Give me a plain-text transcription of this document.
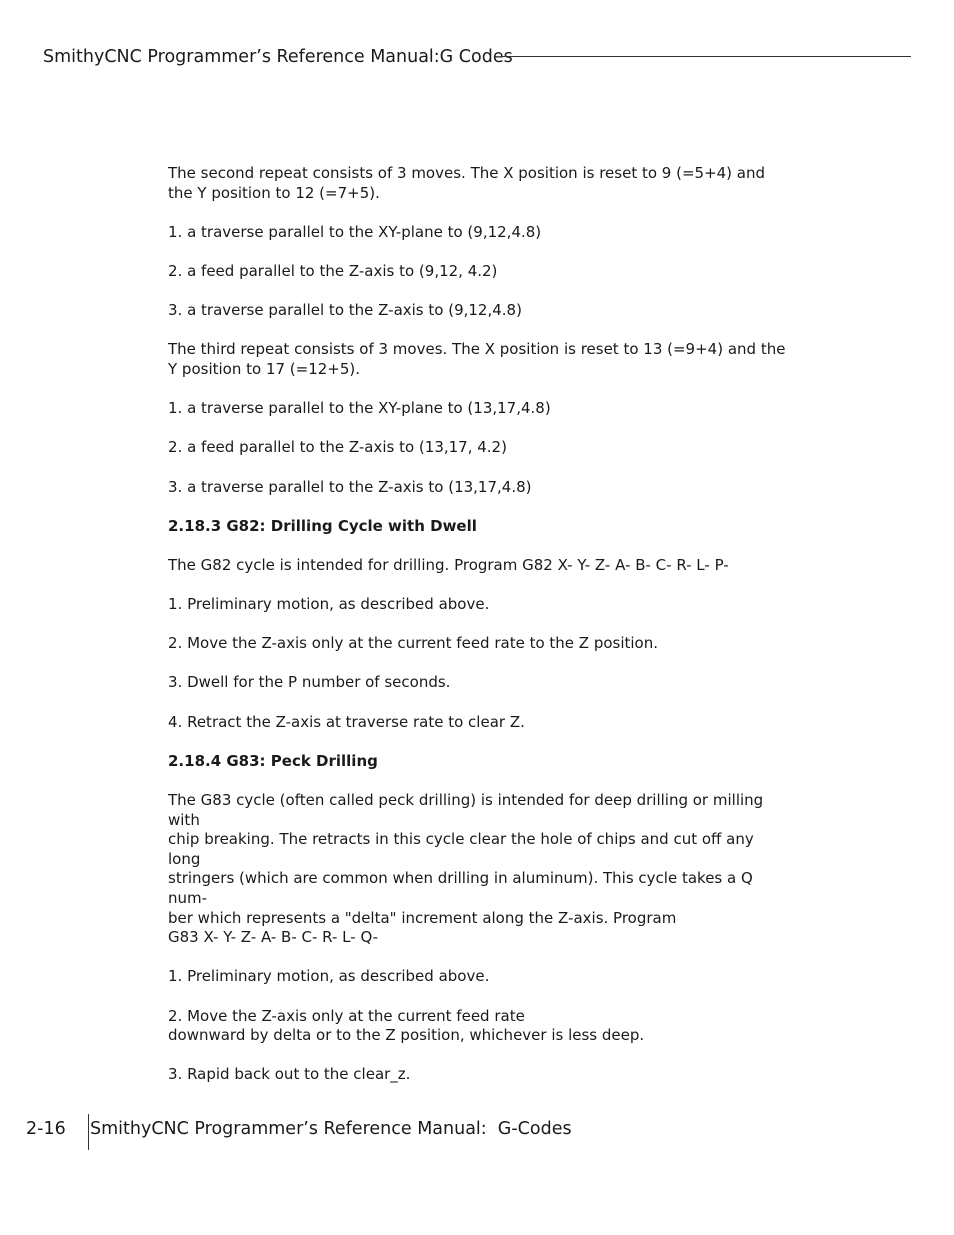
SmithyCNC Programmer’s Reference Manual:G Codes

The second repeat consists of 3 moves. The X position is reset to 9 (=5+4) and the Y position to 12 (=7+5).

1. a traverse parallel to the XY-plane to (9,12,4.8)

2. a feed parallel to the Z-axis to (9,12, 4.2)

3. a traverse parallel to the Z-axis to (9,12,4.8)

The third repeat consists of 3 moves. The X position is reset to 13 (=9+4) and the Y position to 17 (=12+5).

1. a traverse parallel to the XY-plane to (13,17,4.8)

2. a feed parallel to the Z-axis to (13,17, 4.2)

3. a traverse parallel to the Z-axis to (13,17,4.8)

2.18.3 G82: Drilling Cycle with Dwell

The G82 cycle is intended for drilling. Program G82 X- Y- Z- A- B- C- R- L- P-

1. Preliminary motion, as described above.

2. Move the Z-axis only at the current feed rate to the Z position.

3. Dwell for the P number of seconds.

4. Retract the Z-axis at traverse rate to clear Z.

2.18.4 G83: Peck Drilling

The G83 cycle (often called peck drilling) is intended for deep drilling or milling with
chip breaking. The retracts in this cycle clear the hole of chips and cut off any long
stringers (which are common when drilling in aluminum). This cycle takes a Q num-
ber which represents a "delta" increment along the Z-axis. Program
G83 X- Y- Z- A- B- C- R- L- Q-

1. Preliminary motion, as described above.

2. Move the Z-axis only at the current feed rate
downward by delta or to the Z position, whichever is less deep.

3. Rapid back out to the clear_z.

2-16 SmithyCNC Programmer’s Reference Manual:  G-Codes
